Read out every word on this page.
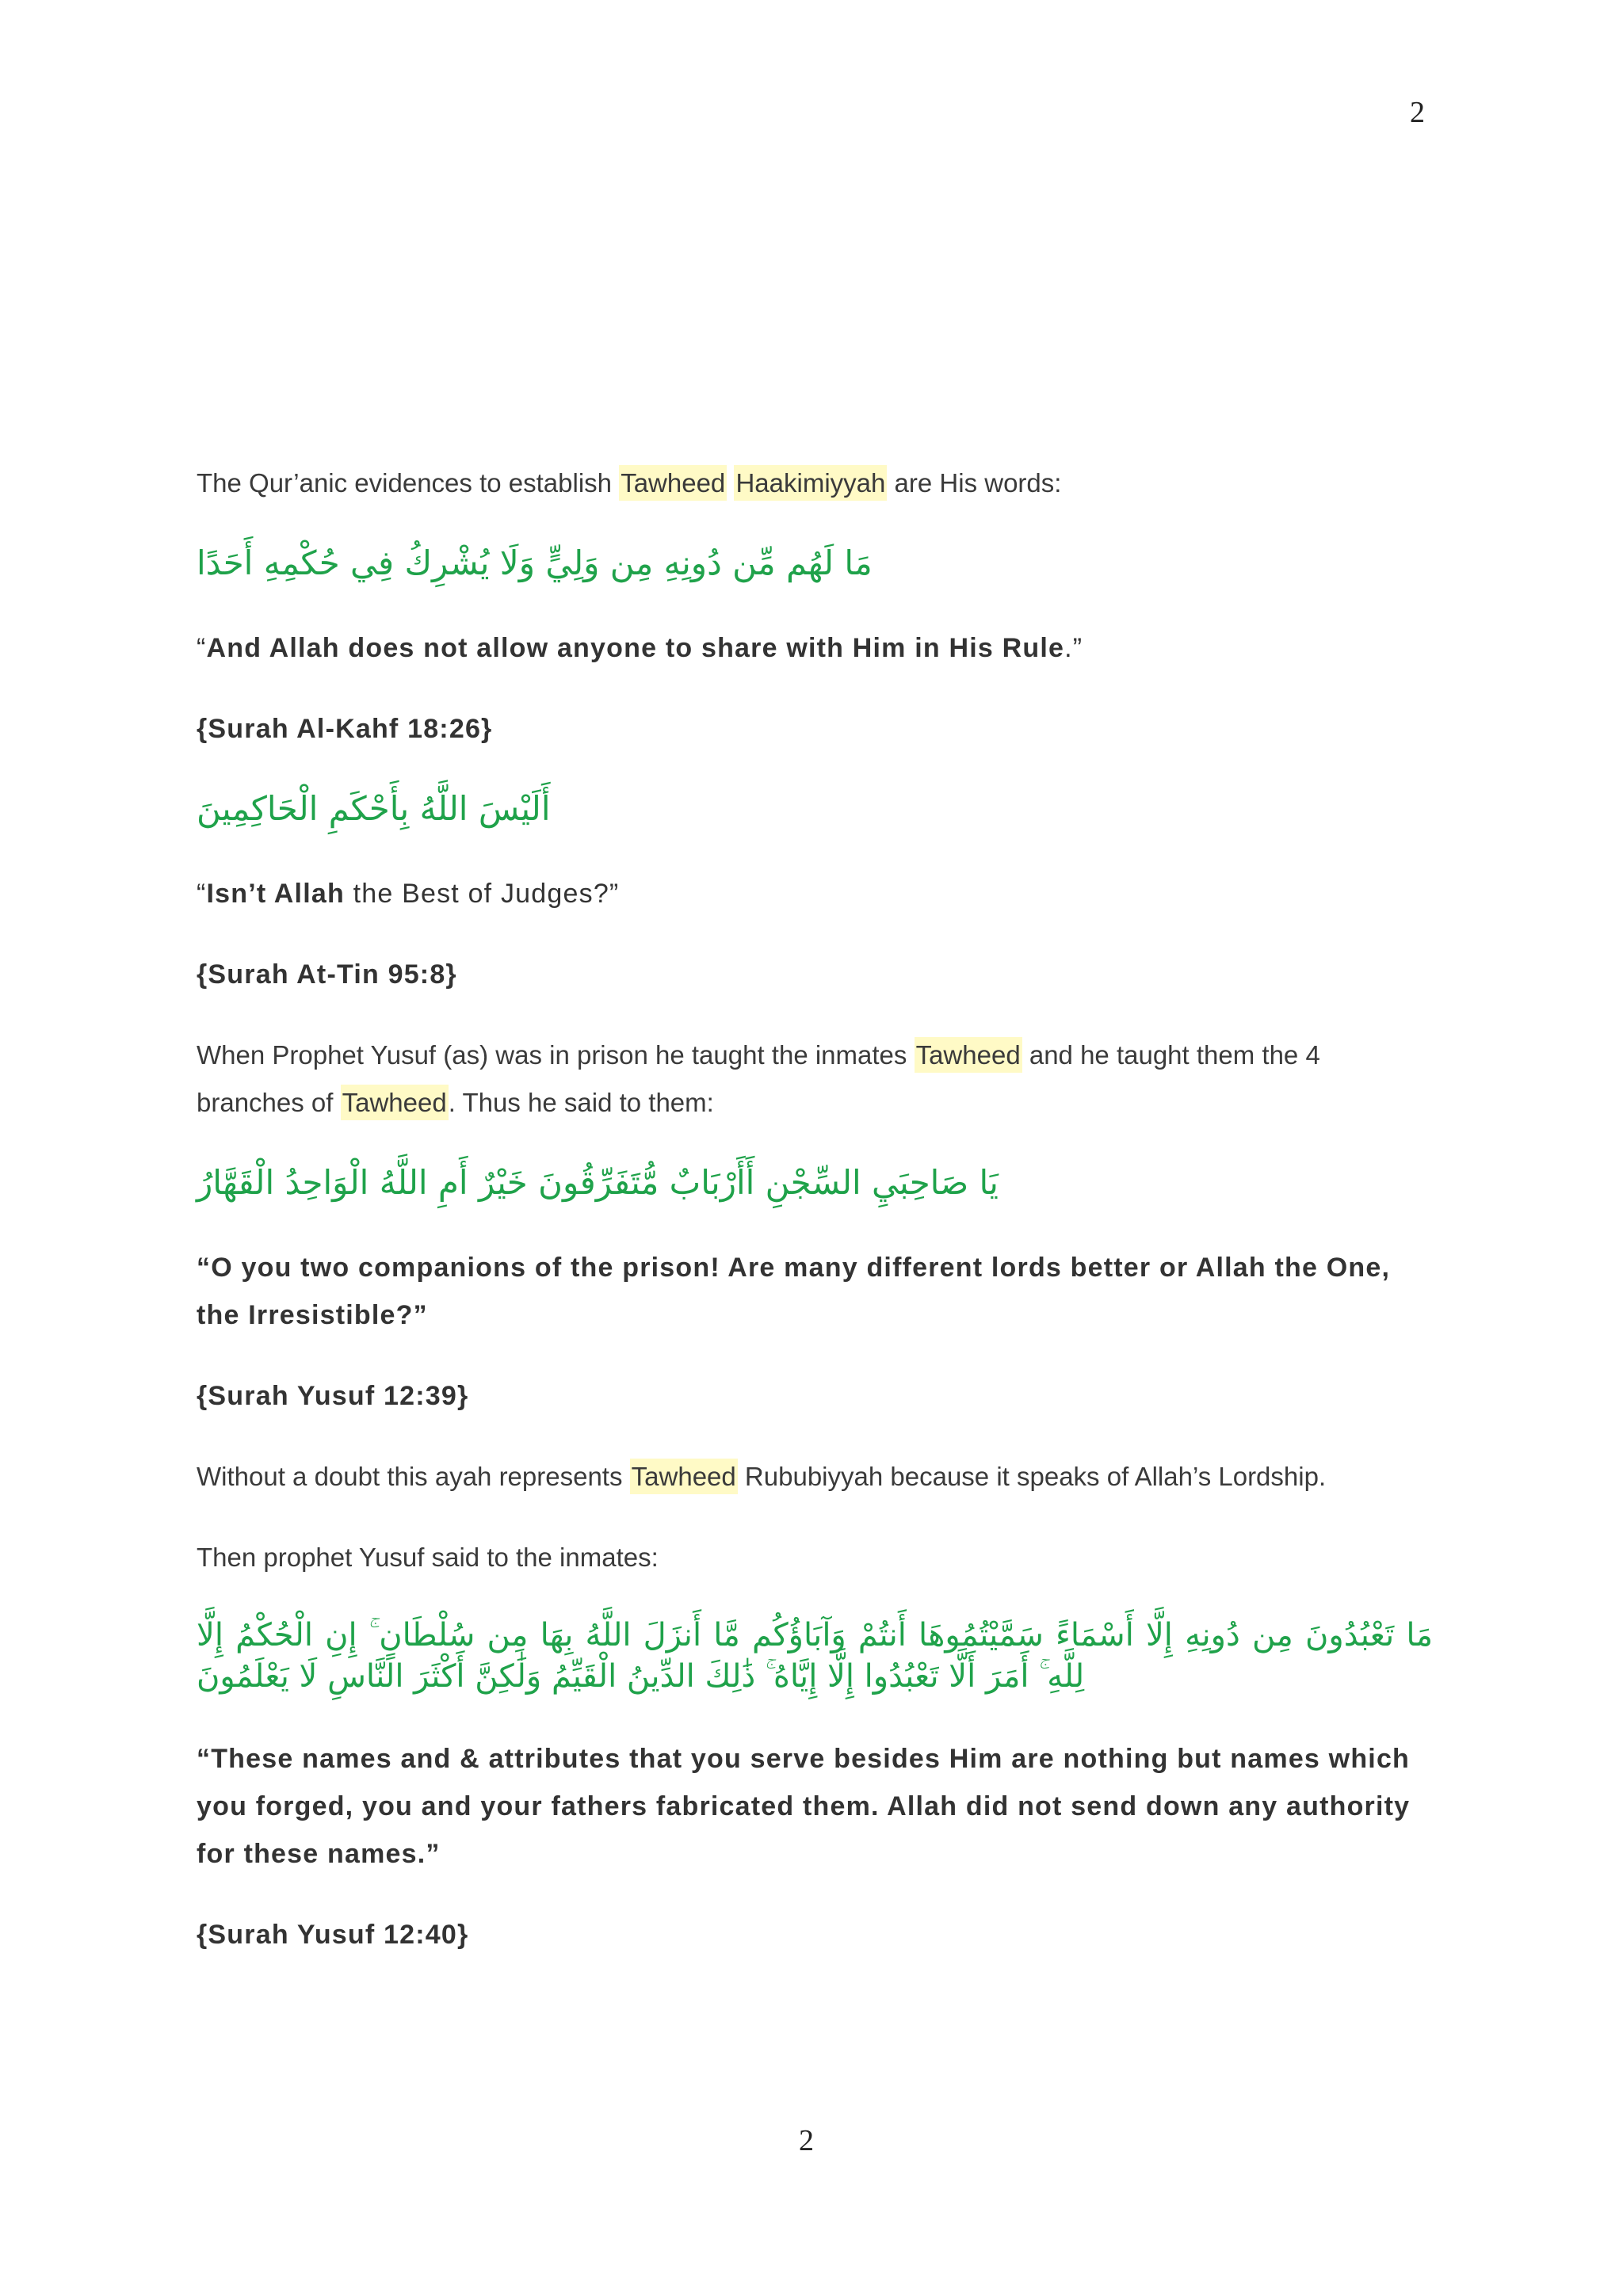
2

The Qur’anic evidences to establish Tawheed Haakimiyyah are His words:

مَا لَهُم مِّن دُونِهِ مِن وَلِيٍّ وَلَا يُشْرِكُ فِي حُكْمِهِ أَحَدًا

“And Allah does not allow anyone to share with Him in His Rule.”

{Surah Al-Kahf 18:26}

أَلَيْسَ اللَّهُ بِأَحْكَمِ الْحَاكِمِينَ

“Isn’t Allah the Best of Judges?”

{Surah At-Tin 95:8}

When Prophet Yusuf (as) was in prison he taught the inmates Tawheed and he taught them the 4 branches of Tawheed. Thus he said to them:

يَا صَاحِبَيِ السِّجْنِ أَأَرْبَابٌ مُّتَفَرِّقُونَ خَيْرٌ أَمِ اللَّهُ الْوَاحِدُ الْقَهَّارُ

“O you two companions of the prison! Are many different lords better or Allah the One, the Irresistible?”

{Surah Yusuf 12:39}

Without a doubt this ayah represents Tawheed Rububiyyah because it speaks of Allah’s Lordship.

Then prophet Yusuf said to the inmates:

مَا تَعْبُدُونَ مِن دُونِهِ إِلَّا أَسْمَاءً سَمَّيْتُمُوهَا أَنتُمْ وَآبَاؤُكُم مَّا أَنزَلَ اللَّهُ بِهَا مِن سُلْطَانٍ ۚ إِنِ الْحُكْمُ إِلَّا لِلَّهِ ۚ أَمَرَ أَلَّا تَعْبُدُوا إِلَّا إِيَّاهُ ۚ ذَٰلِكَ الدِّينُ الْقَيِّمُ وَلَٰكِنَّ أَكْثَرَ النَّاسِ لَا يَعْلَمُونَ

“These names and & attributes that you serve besides Him are nothing but names which you forged, you and your fathers fabricated them. Allah did not send down any authority for these names.”

{Surah Yusuf 12:40}

2
